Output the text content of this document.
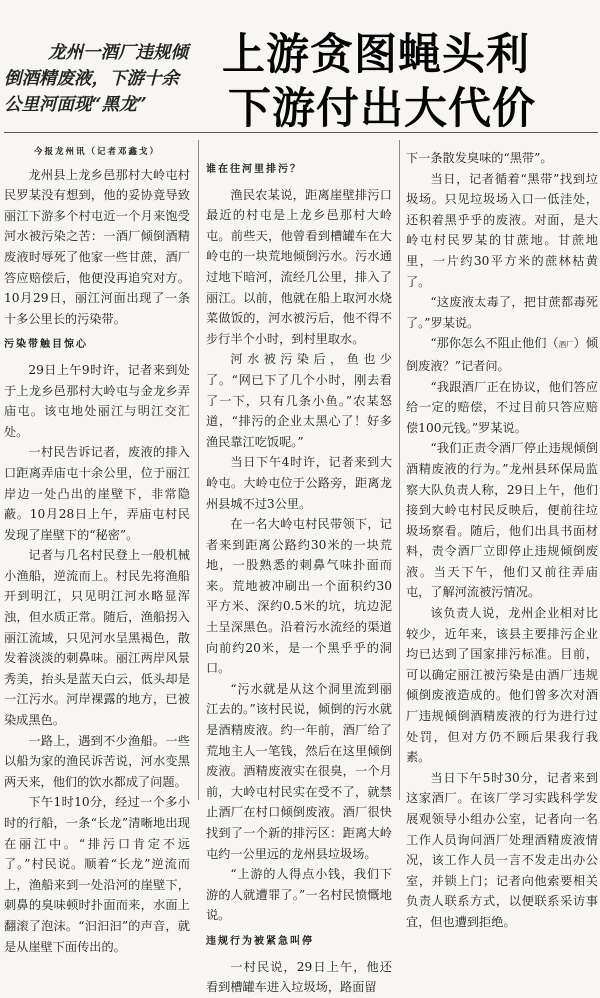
龙州一酒厂违规倾
倒酒精废液，下游十余
公里河面现“黑龙”
上游贪图蝇头利
下游付出大代价
今报龙州讯（记者邓鑫戈）

龙州县上龙乡邑那村大岭屯村民罗某没有想到，他的妥协竟导致丽江下游多个村屯近一个月来饱受河水被污染之苦：一酒厂倾倒酒精废液时辱死了他家一些甘蔗，酒厂答应赔偿后，他便没再追究对方。10月29日，丽江河面出现了一条十多公里长的污染带。

污染带触目惊心

29日上午9时许，记者来到处于上龙乡邑那村大岭屯与金龙乡弄庙屯。该屯地处丽江与明江交汇处。

一村民告诉记者，废液的排入口距离弄庙屯十余公里，位于丽江岸边一处凸出的崖壁下，非常隐蔽。10月28日上午，弄庙屯村民发现了崖壁下的“秘密”。

记者与几名村民登上一般机械小渔船，逆流而上。村民先将渔船开到明江，只见明江河水略显浑浊，但水质正常。随后，渔船拐入丽江流域，只见河水呈黑褐色，散发着淡淡的刺鼻味。丽江两岸风景秀美，抬头是蓝天白云，低头却是一江污水。河岸裸露的地方，已被染成黑色。

一路上，遇到不少渔船。一些以船为家的渔民诉苦说，河水变黑两天来，他们的饮水都成了问题。

下午1时10分，经过一个多小时的行船，一条“长龙”清晰地出现在丽江中。“排污口肯定不远了。”村民说。顺着“长龙”逆流而上，渔船来到一处沿河的崖壁下，刺鼻的臭味顿时扑面而来，水面上翻滚了泡沫。“汩汩汩”的声音，就是从崖壁下面传出的。

谁在往河里排污？

渔民农某说，距离崖壁排污口最近的村屯是上龙乡邑那村大岭屯。前些天，他曾看到槽罐车在大岭屯的一块荒地倾倒污水。污水通过地下暗河，流经几公里，排入了丽江。以前，他就在船上取河水烧菜做饭的，河水被污后，他不得不步行半个小时，到村里取水。

河水被污染后，鱼也少了。“网已下了几个小时，刚去看了一下，只有几条小鱼。”农某怒道，“排污的企业太黑心了！好多渔民靠江吃饭呢。”

当日下午4时许，记者来到大岭屯。大岭屯位于公路旁，距离龙州县城不过3公里。

在一名大岭屯村民带领下，记者来到距离公路约30米的一块荒地，一股熟悉的刺鼻气味扑面而来。荒地被冲刷出一个面积约30平方米、深约0.5米的坑，坑边泥土呈深黑色。沿着污水流经的渠道向前约20米，是一个黑乎乎的洞口。

“污水就是从这个洞里流到丽江去的。”该村民说，倾倒的污水就是酒精废液。约一年前，酒厂给了荒地主人一笔钱，然后在这里倾倒废液。酒精废液实在很臭，一个月前，大岭屯村民实在受不了，就禁止酒厂在村口倾倒废液。酒厂很快找到了一个新的排污区：距离大岭屯约一公里远的龙州县垃圾场。

“上游的人得点小钱，我们下游的人就遭罪了。”一名村民愤慨地说。

违规行为被紧急叫停

一村民说，29日上午，他还看到槽罐车进入垃圾场，路面留

下一条散发臭味的“黑带”。

当日，记者循着“黑带”找到垃圾场。只见垃圾场入口一低洼处，还积着黑乎乎的废液。对面，是大岭屯村民罗某的甘蔗地。甘蔗地里，一片约30平方米的蔗林枯黄了。

“这废液太毒了，把甘蔗都毒死了。”罗某说。

“那你怎么不阻止他们（酒厂）倾倒废液？”记者问。

“我跟酒厂正在协议，他们答应给一定的赔偿，不过目前只答应赔偿100元钱。”罗某说。

“我们正责令酒厂停止违规倾倒酒精废液的行为。”龙州县环保局监察大队负责人称，29日上午，他们接到大岭屯村民反映后，便前往垃圾场察看。随后，他们出具书面材料，责令酒厂立即停止违规倾倒废液。当天下午，他们又前往弄庙屯，了解河流被污情况。

该负责人说，龙州企业相对比较少，近年来，该县主要排污企业均已达到了国家排污标准。目前，可以确定丽江被污染是由酒厂违规倾倒废液造成的。他们曾多次对酒厂违规倾倒酒精废液的行为进行过处罚，但对方仍不顾后果我行我素。

当日下午5时30分，记者来到这家酒厂。在该厂学习实践科学发展观领导小组办公室，记者向一名工作人员询问酒厂处理酒精废液情况，该工作人员一言不发走出办公室，并锁上门；记者向他索要相关负责人联系方式，以便联系采访事宜，但也遭到拒绝。
